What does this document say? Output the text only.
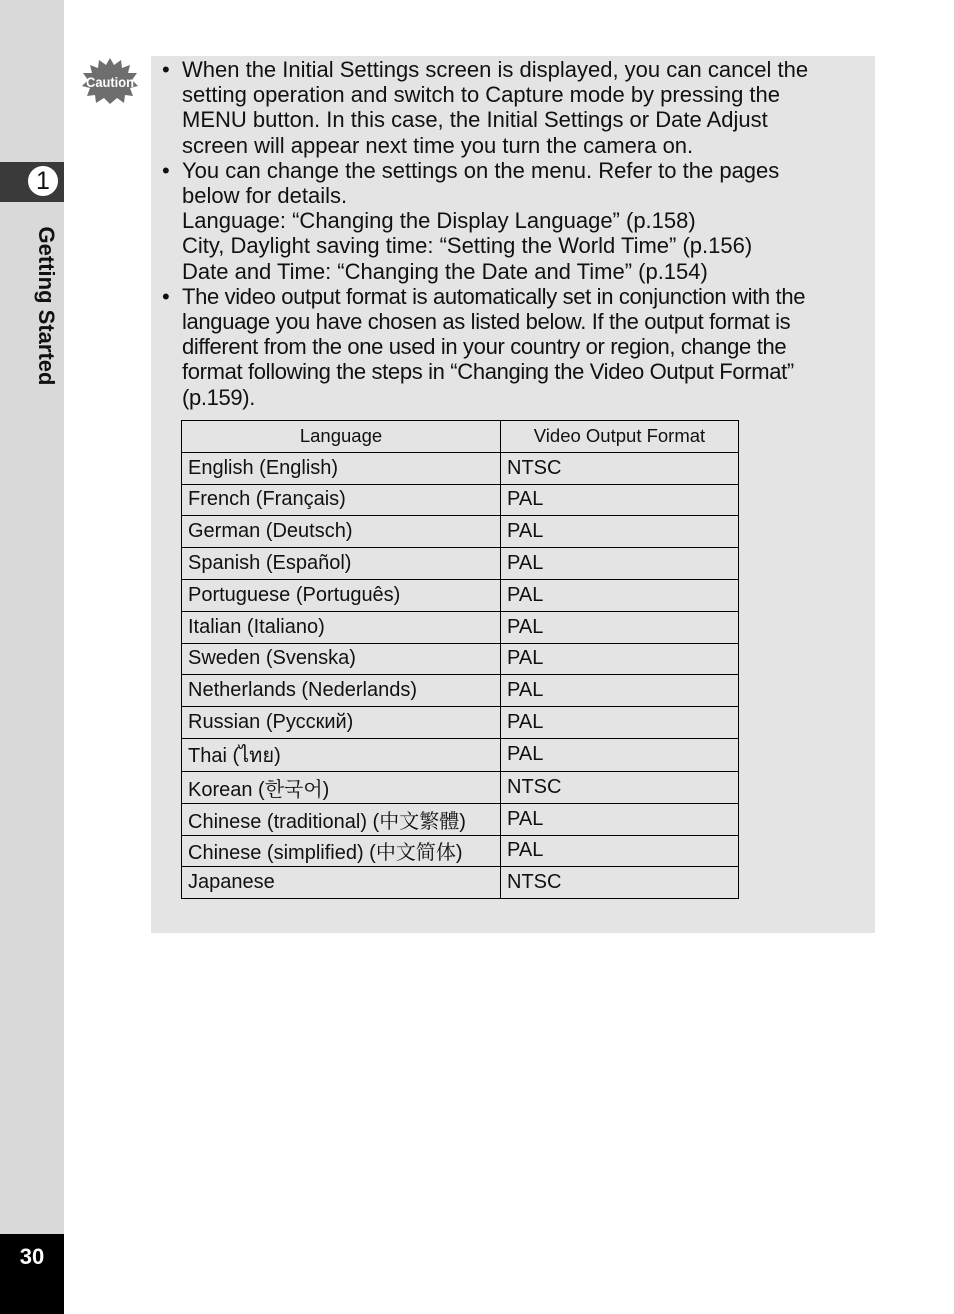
1
Getting Started
30
Caution • When the Initial Settings screen is displayed, you can cancel the

setting operation and switch to Capture mode by pressing the

MENU button. In this case, the Initial Settings or Date Adjust

screen will appear next time you turn the camera on.

• You can change the settings on the menu. Refer to the pages

below for details.

Language: “Changing the Display Language” (p.158)

City, Daylight saving time: “Setting the World Time” (p.156)

Date and Time: “Changing the Date and Time” (p.154)

• The video output format is automatically set in conjunction with the

language you have chosen as listed below. If the output format is

different from the one used in your country or region, change the

format following the steps in “Changing the Video Output Format”

(p.159).

Language	Video Output Format
English (English)	NTSC
French (Français)	PAL
German (Deutsch)	PAL
Spanish (Español)	PAL
Portuguese (Português)	PAL
Italian (Italiano)	PAL
Sweden (Svenska)	PAL
Netherlands (Nederlands)	PAL
Russian (Русский)	PAL
Thai (ไทย)	PAL
Korean (한국어)	NTSC
Chinese (traditional) (中文繁體)	PAL
Chinese (simplified) (中文简体)	PAL
Japanese	NTSC
